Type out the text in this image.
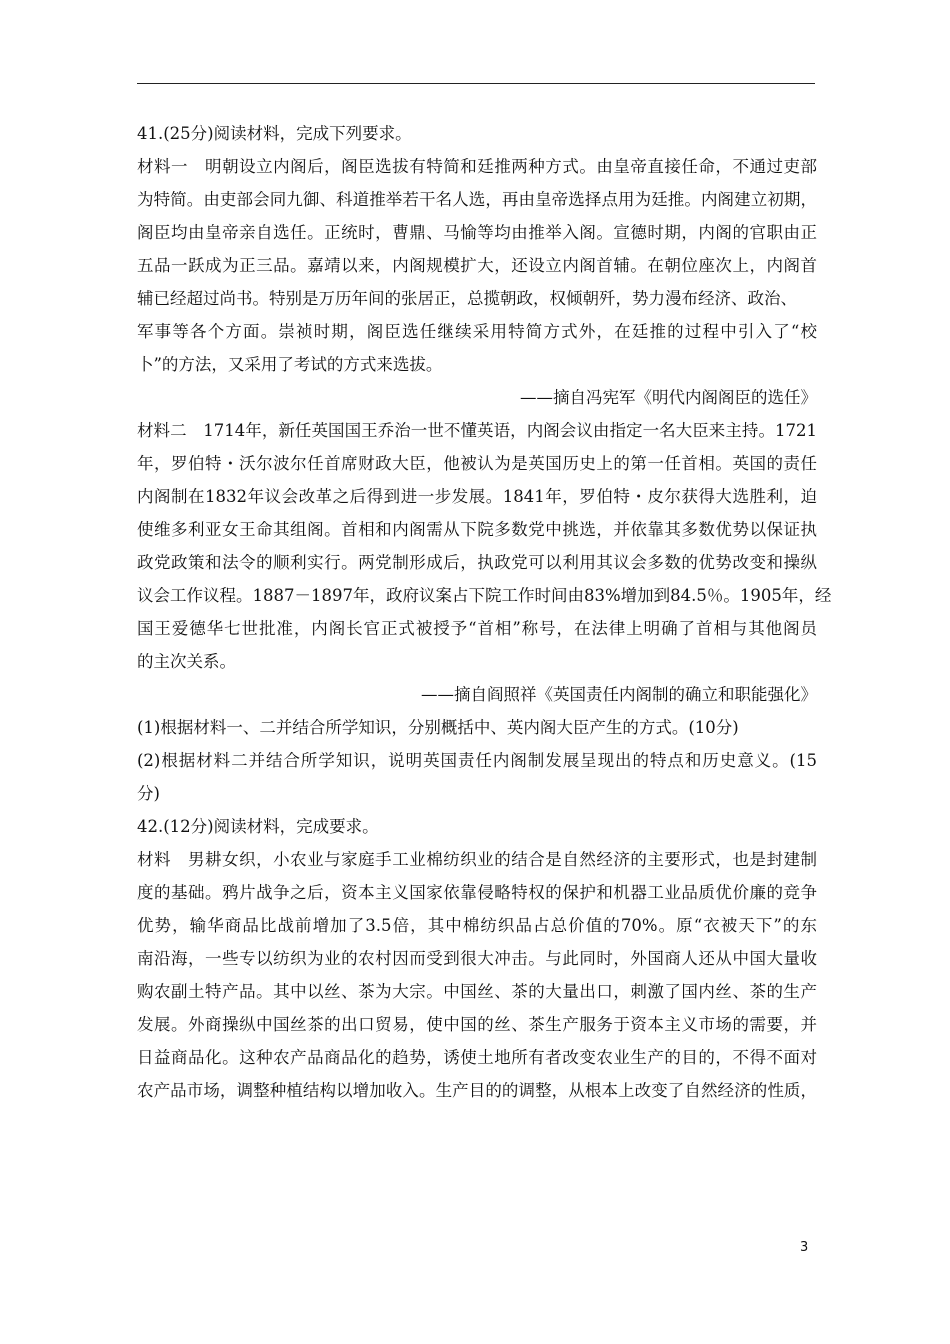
41.(25分)阅读材料，完成下列要求。
材料一　明朝设立内阁后，阁臣选拔有特简和廷推两种方式。由皇帝直接任命，不通过吏部
为特简。由吏部会同九御、科道推举若干名人选，再由皇帝选择点用为廷推。内阁建立初期，
阁臣均由皇帝亲自选任。正统时，曹鼎、马愉等均由推举入阁。宣德时期，内阁的官职由正
五品一跃成为正三品。嘉靖以来，内阁规模扩大，还设立内阁首辅。在朝位座次上，内阁首
辅已经超过尚书。特别是万历年间的张居正，总揽朝政，权倾朝歼，势力漫布经济、政治、
军事等各个方面。崇祯时期，阁臣选任继续采用特简方式外，在廷推的过程中引入了“校
卜”的方法，又采用了考试的方式来选拔。
——摘自冯宪军《明代内阁阁臣的选任》
材料二　1714年，新任英国国王乔治一世不懂英语，内阁会议由指定一名大臣来主持。1721
年，罗伯特・沃尔波尔任首席财政大臣，他被认为是英国历史上的第一任首相。英国的责任
内阁制在1832年议会改革之后得到进一步发展。1841年，罗伯特・皮尔获得大选胜利，迫
使维多利亚女王命其组阁。首相和内阁需从下院多数党中挑选，并依靠其多数优势以保证执
政党政策和法令的顺利实行。两党制形成后，执政党可以利用其议会多数的优势改变和操纵
议会工作议程。1887－1897年，政府议案占下院工作时间由83%增加到84.5％。1905年，经
国王爱德华七世批准，内阁长官正式被授予“首相”称号，在法律上明确了首相与其他阁员
的主次关系。
——摘自阎照祥《英国责任内阁制的确立和职能强化》
(1)根据材料一、二并结合所学知识，分别概括中、英内阁大臣产生的方式。(10分)
(2)根据材料二并结合所学知识，说明英国责任内阁制发展呈现出的特点和历史意义。(15
分)
42.(12分)阅读材料，完成要求。
材料　男耕女织，小农业与家庭手工业棉纺织业的结合是自然经济的主要形式，也是封建制
度的基础。鸦片战争之后，资本主义国家依靠侵略特权的保护和机器工业品质优价廉的竞争
优势，输华商品比战前增加了3.5倍，其中棉纺织品占总价值的70%。原“衣被天下”的东
南沿海，一些专以纺织为业的农村因而受到很大冲击。与此同时，外国商人还从中国大量收
购农副土特产品。其中以丝、茶为大宗。中国丝、茶的大量出口，刺激了国内丝、茶的生产
发展。外商操纵中国丝茶的出口贸易，使中国的丝、茶生产服务于资本主义市场的需要，并
日益商品化。这种农产品商品化的趋势，诱使土地所有者改变农业生产的目的，不得不面对
农产品市场，调整种植结构以增加收入。生产目的的调整，从根本上改变了自然经济的性质，
3
